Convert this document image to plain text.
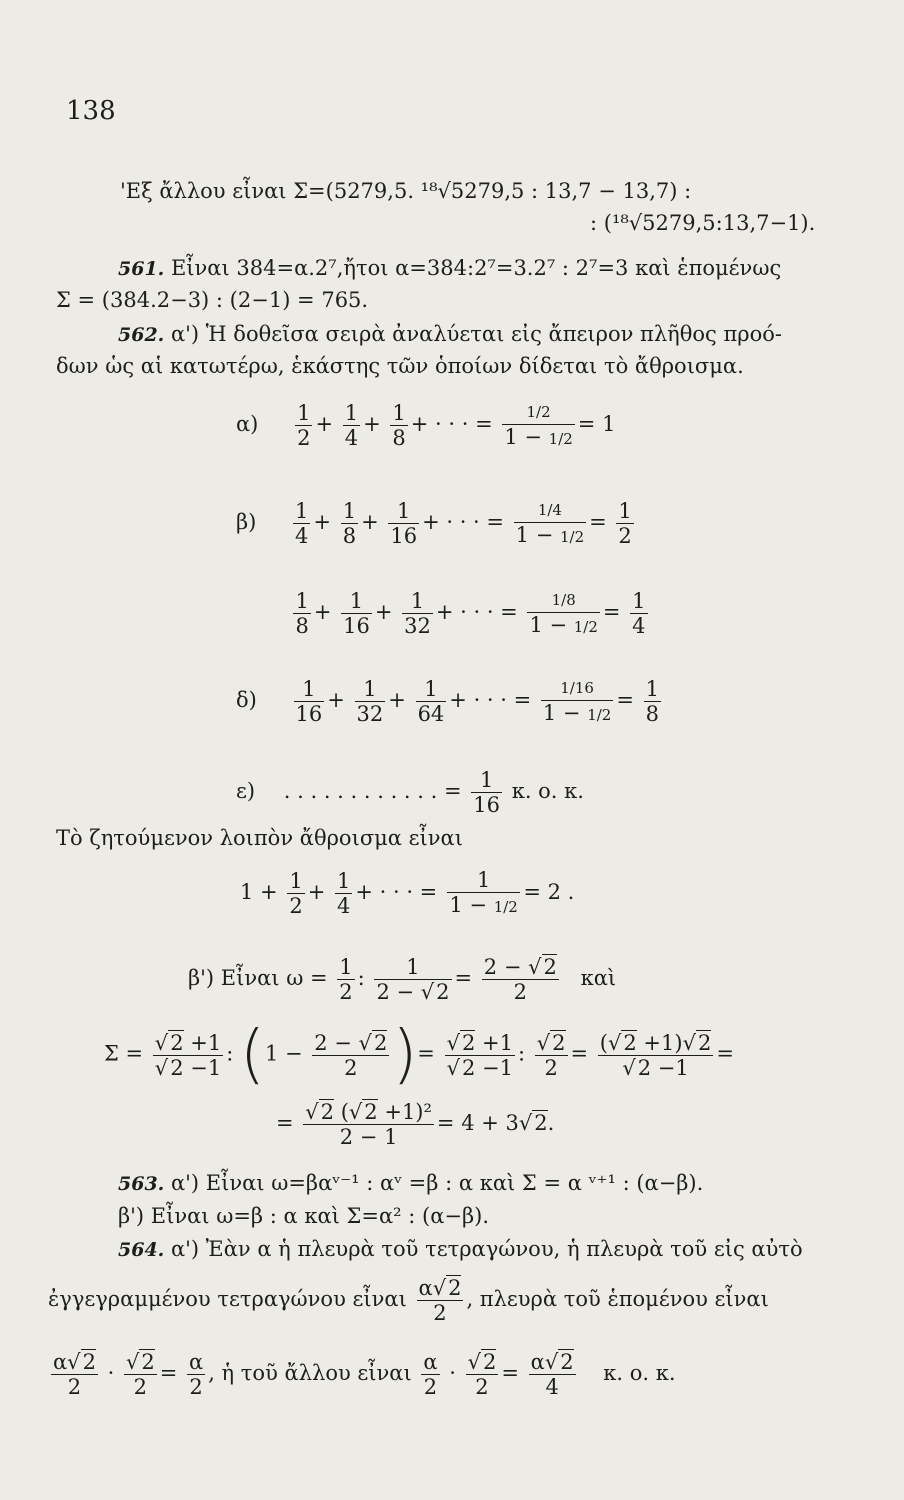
138
'Εξ ἄλλου εἶναι Σ=(5279,5. ¹⁸√5279,5 : 13,7 − 13,7) :
: (¹⁸√5279,5:13,7−1).
561. Εἶναι 384=α.2⁷,ἤτοι α=384:2⁷=3.2⁷ : 2⁷=3 καὶ ἑπομένως
Σ = (384.2−3) : (2−1) = 765.
562. α') Ἡ δοθεῖσα σειρὰ ἀναλύεται εἰς ἄπειρον πλῆθος προό-
δων ὡς αἱ κατωτέρω, ἑκάστης τῶν ὁποίων δίδεται τὸ ἄθροισμα.
$\alpha) \frac{1}{2} + \frac{1}{4} + \frac{1}{8}$ + · · · = $\frac{1/2}{1 - 1/2} = 1$
$\beta) \frac{1}{4} + \frac{1}{8} + \frac{1}{16}$ + · · · = $\frac{1/4}{1 - 1/2} = \frac{1}{2}$
$\frac{1}{8} + \frac{1}{16} + \frac{1}{32}$ + · · · = $\frac{1/8}{1 - 1/2} = \frac{1}{4}$
$\delta) \frac{1}{16} + \frac{1}{32} + \frac{1}{64}$ + · · · = $\frac{1/16}{1 - 1/2} = \frac{1}{8}$
ε) . . . . . . . . . . . . = $\frac{1}{16} \kappa$. ο. κ.
Τὸ ζητούμενον λοιπὸν ἄθροισμα εἶναι
$1 + \frac{1}{2} + \frac{1}{4}$ + · · · = $\frac{1}{1 - 1/2} = 2$ .
β') Εἶναι $\omega = \frac{1}{2}$ : $\frac{1}{2 - √2} = \frac{2 - √2}{2}$ καὶ
$\Sigma = \frac{√2 +1}{√2 -1}$ : ($1 - \frac{2 - √2}{2}$ )= $\frac{√2 +1}{√2 -1}$ : $\frac{√2}{2} = \frac{(√2 +1)√2}{√2 -1}$ =
= $\frac{\text{√2 (√2 +1)²}}{2 - 1} = 4 + 3√2$.
563. α') Εἶναι ω=βαᵛ⁻¹ : αᵛ =β : α καὶ Σ = α ᵛ⁺¹ : (α−β).
β') Εἶναι ω=β : α καὶ Σ=α² : (α−β).
564. α') Ἐὰν α ἡ πλευρὰ τοῦ τετραγώνου, ἡ πλευρὰ τοῦ εἰς αὐτὸ
ἐγγεγραμμένου τετραγώνου εἶναι $\frac{\alpha√2}{2}$ , πλευρὰ τοῦ ἑπομένου εἶναι
$\frac{\alpha√2}{2} \cdot \frac{√2}{2} = \frac{\alpha}{2}$ , ἡ τοῦ ἄλλου εἶναι $\frac{\alpha}{2} \cdot \frac{√2}{2} = \frac{\alpha√2}{4} \kappa$. ο. κ.
